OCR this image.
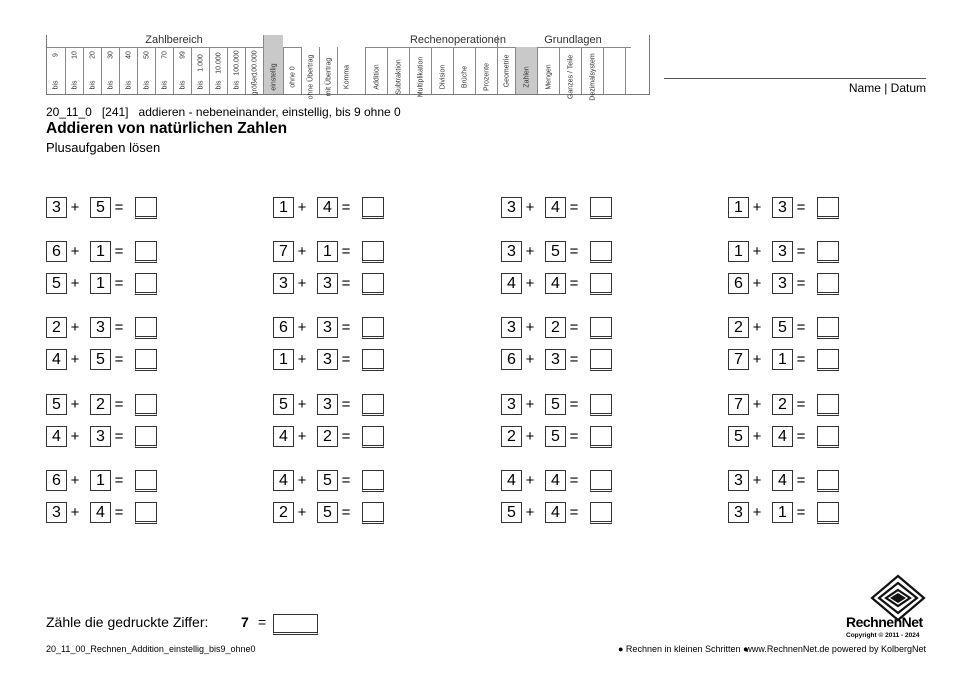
Zahlbereich	Rechenoperationen	Grundlagen
9
bis
10
bis
20
bis
30
bis
40
bis
50
bis
70
bis
99
bis
1.000
bis
10.000
bis
100.000
bis
100.000
größer einstellig ohne 0 ohne Übertrag mit Übertrag Komma	Addition Subtraktion Multiplikation Division Brüche Prozente Geometrie Zahlen Mengen Ganzes / Teile Dezimalsystem	Name | Datum
20_11_0   [241]   addieren - nebeneinander, einstellig, bis 9 ohne 0
Addieren von natürlichen Zahlen
Plusaufgaben lösen
3 +	5 =
6 +	1 =
5 +	1 =
2 +	3 =
4 +	5 =
5 +	2 =
4 +	3 =
6 +	1 =
3 +	4 =
1 +	4 =
7 +	1 =
3 +	3 =
6 +	3 =
1 +	3 =
5 +	3 =
4 +	2 =
4 +	5 =
2 +	5 =
3 +	4 =
3 +	5 =
4 +	4 =
3 +	2 =
6 +	3 =
3 +	5 =
2 +	5 =
4 +	4 =
5 +	4 =
1 +	3 =
1 +	3 =
6 +	3 =
2 +	5 =
7 +	1 =
7 +	2 =
5 +	4 =
3 +	4 =
3 +	1 =
Zähle die gedruckte Ziffer: 7 =
20_11_00_Rechnen_Addition_einstellig_bis9_ohne0	● Rechnen in kleinen Schritten ●
www.RechnenNet.de powered by KolbergNet
RechnenNet
Copyright © 2011 - 2024
